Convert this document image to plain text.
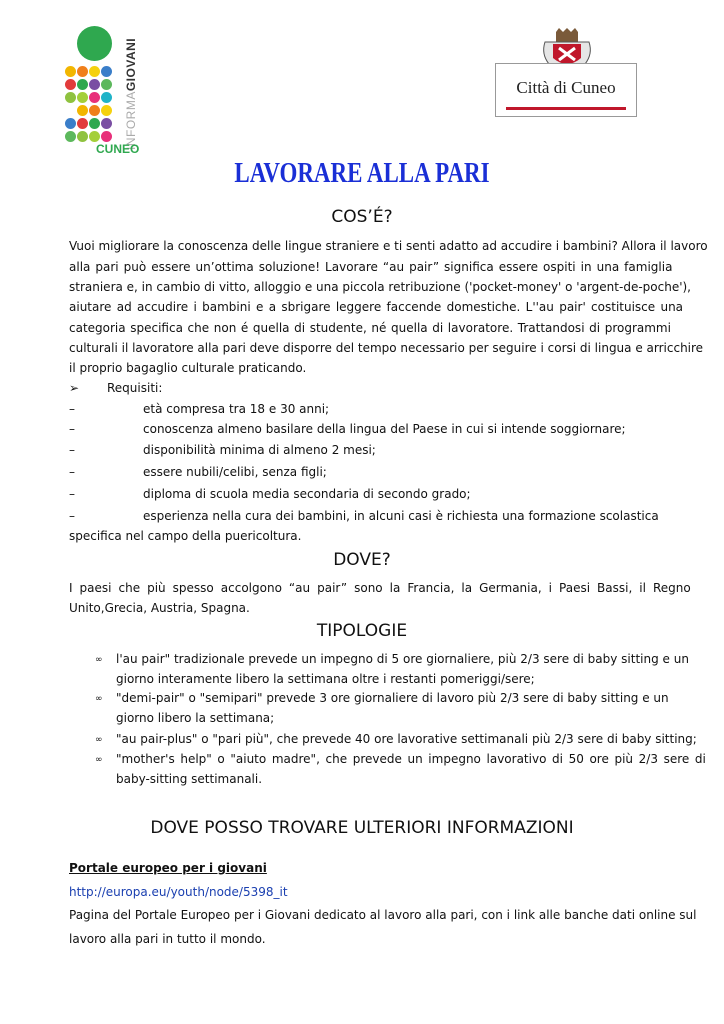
INFORMAGIOVANI
CUNEO
Città di Cuneo
LAVORARE ALLA PARI
COS’É?
Vuoi migliorare la conoscenza delle lingue straniere e ti senti adatto ad accudire i bambini? Allora il lavoro
alla pari può essere un’ottima soluzione! Lavorare “au pair” significa essere ospiti in una famiglia
straniera e, in cambio di vitto, alloggio e una piccola retribuzione ('pocket-money' o 'argent-de-poche'),
aiutare ad accudire i bambini e a sbrigare leggere faccende domestiche. L''au pair' costituisce una
categoria specifica che non é quella di studente, né quella di lavoratore. Trattandosi di programmi
culturali il lavoratore alla pari deve disporre del tempo necessario per seguire i corsi di lingua e arricchire
il proprio bagaglio culturale praticando.
➢ Requisiti:
–	età compresa tra 18 e 30 anni;
–	conoscenza almeno basilare della lingua del Paese in cui si intende soggiornare;
–	disponibilità minima di almeno 2 mesi;
–	essere nubili/celibi, senza figli;
–	diploma di scuola media secondaria di secondo grado;
–	esperienza nella cura dei bambini, in alcuni casi è richiesta una formazione scolastica
specifica nel campo della puericoltura.
DOVE?
I paesi che più spesso accolgono “au pair” sono la Francia, la Germania, i Paesi Bassi, il Regno
Unito,Grecia, Austria, Spagna.
TIPOLOGIE
∞ l'au pair" tradizionale prevede un impegno di 5 ore giornaliere, più 2/3 sere di baby sitting e un
giorno interamente libero la settimana oltre i restanti pomeriggi/sere;
∞ "demi-pair" o "semipari" prevede 3 ore giornaliere di lavoro più 2/3 sere di baby sitting e un
giorno libero la settimana;
∞ "au pair-plus" o "pari più", che prevede 40 ore lavorative settimanali più 2/3 sere di baby sitting;
∞ "mother's help" o "aiuto madre", che prevede un impegno lavorativo di 50 ore più 2/3 sere di
baby-sitting settimanali.
DOVE POSSO TROVARE ULTERIORI INFORMAZIONI
Portale europeo per i giovani
http://europa.eu/youth/node/5398_it
Pagina del Portale Europeo per i Giovani dedicato al lavoro alla pari, con i link alle banche dati online sul
lavoro alla pari in tutto il mondo.
